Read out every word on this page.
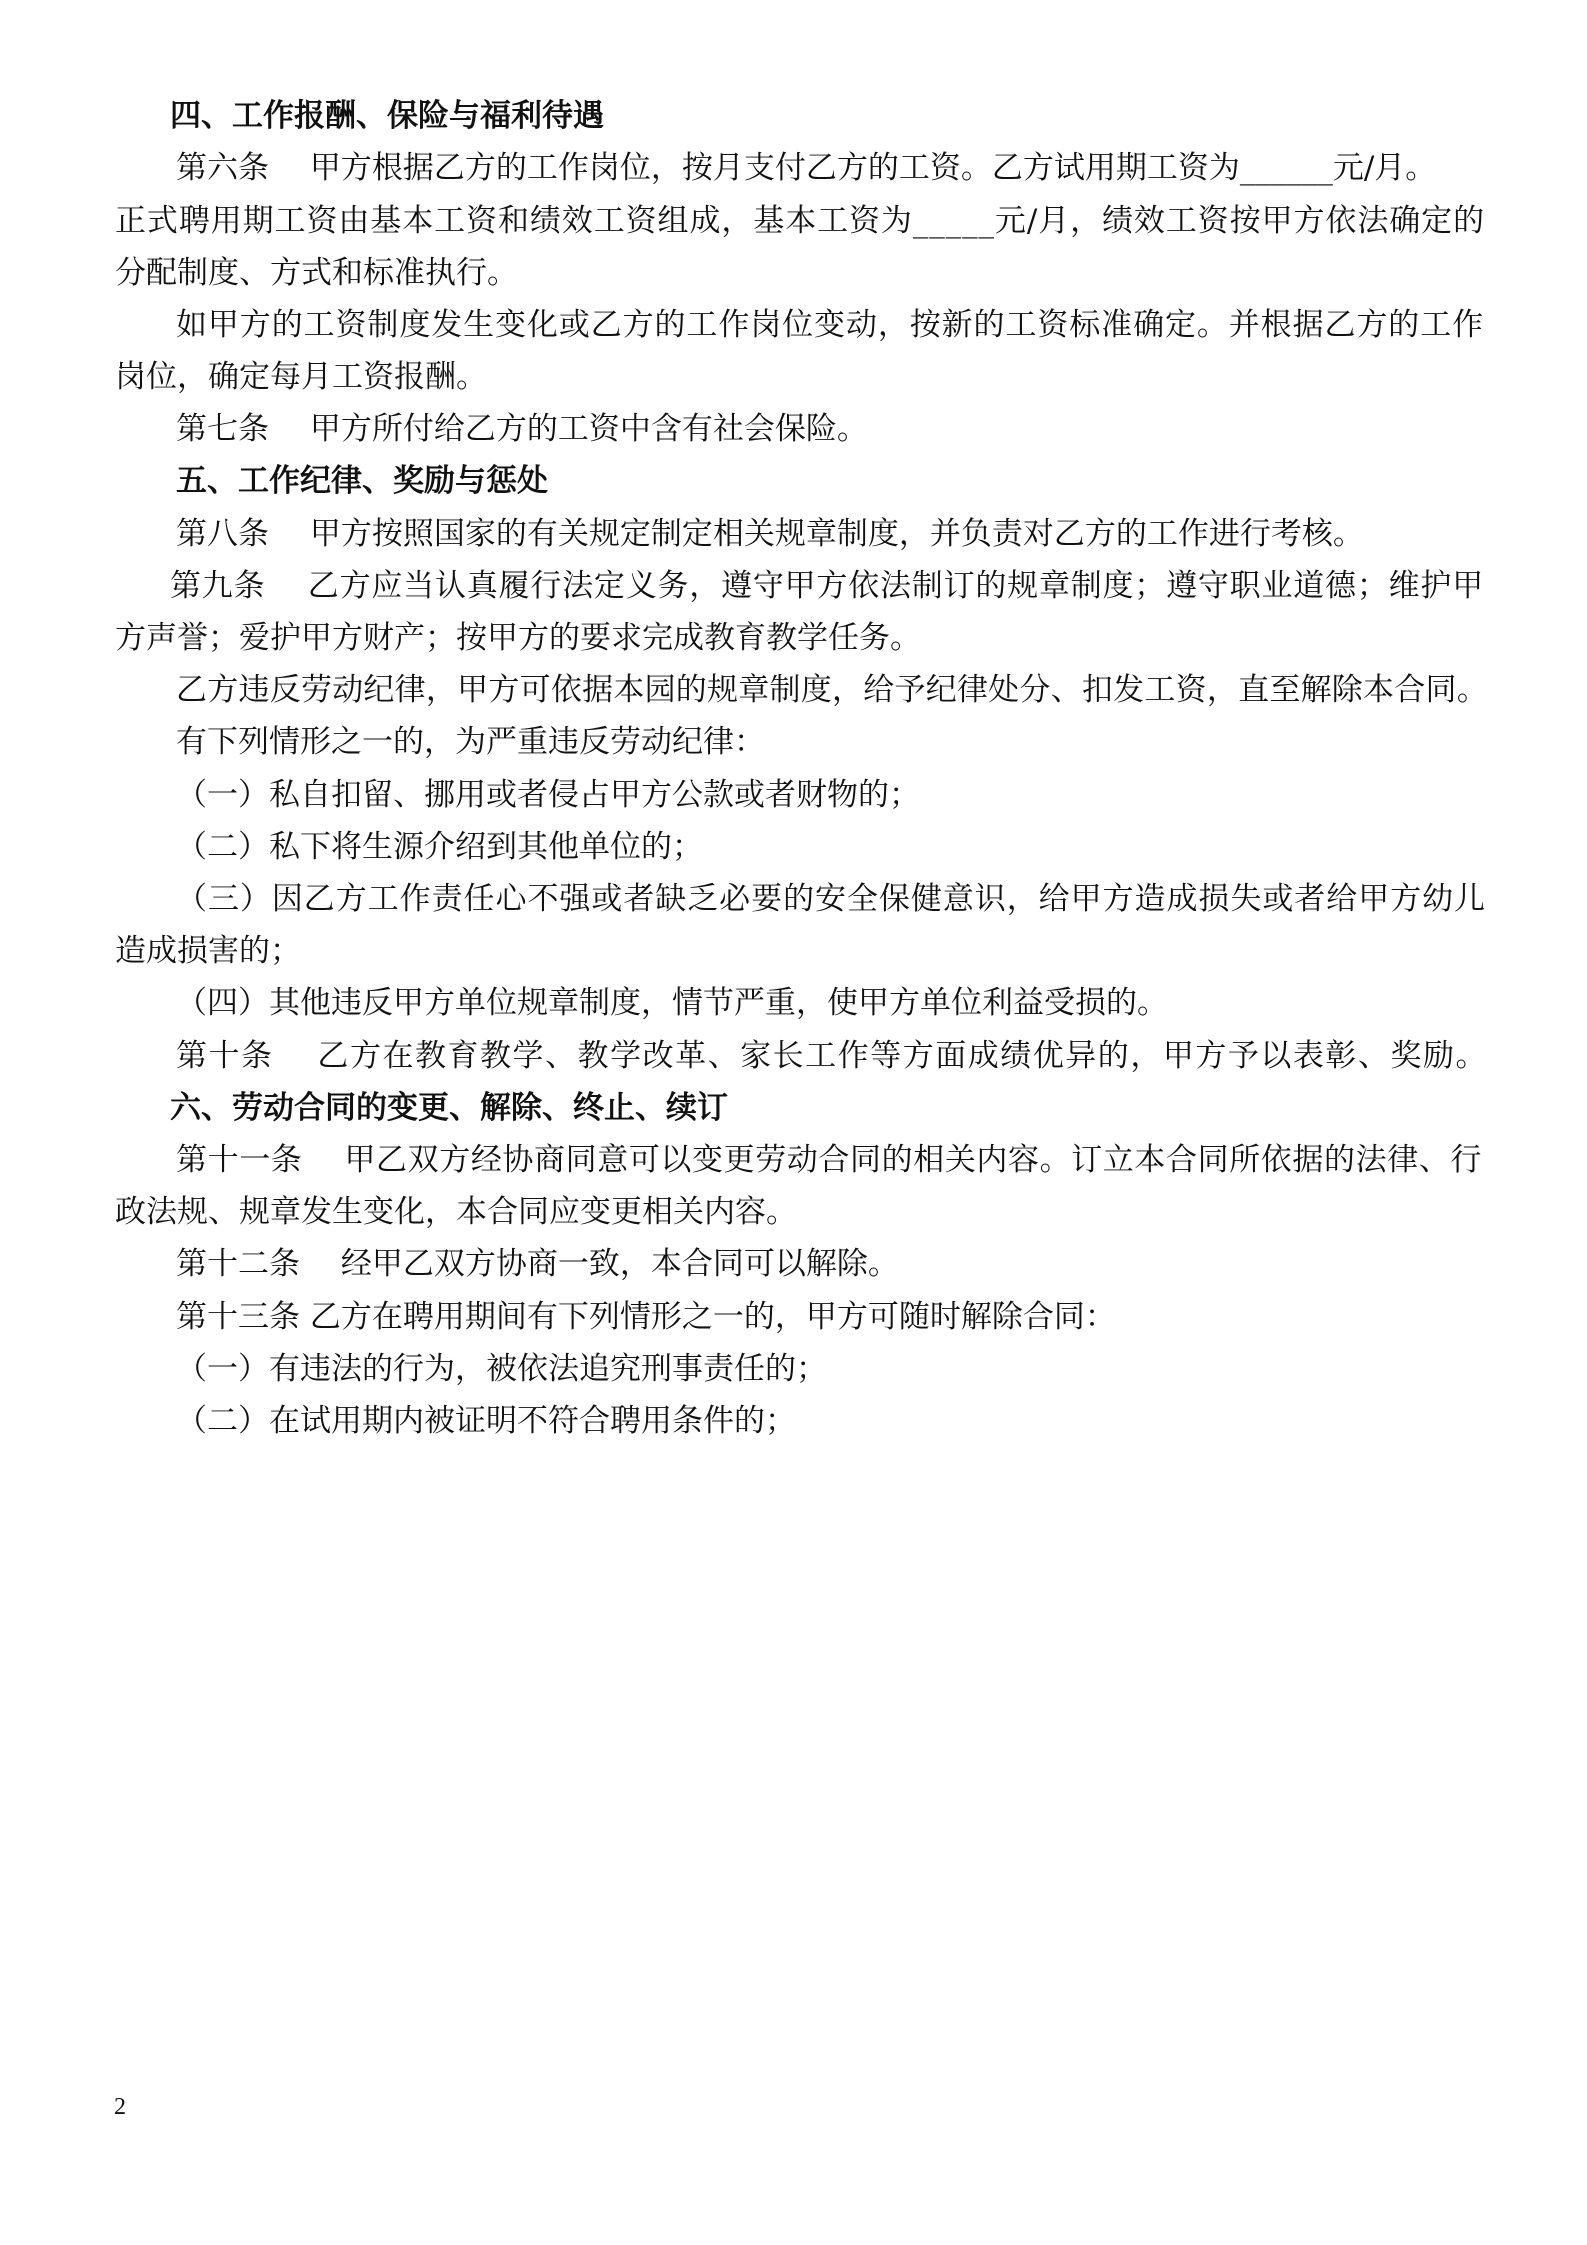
四、工作报酬、保险与福利待遇
第六条　 甲方根据乙方的工作岗位，按月支付乙方的工资。乙方试用期工资为______元/月。
正式聘用期工资由基本工资和绩效工资组成，基本工资为_____元/月，绩效工资按甲方依法确定的
分配制度、方式和标准执行。
如甲方的工资制度发生变化或乙方的工作岗位变动，按新的工资标准确定。并根据乙方的工作
岗位，确定每月工资报酬。
第七条　 甲方所付给乙方的工资中含有社会保险。
五、工作纪律、奖励与惩处
第八条　 甲方按照国家的有关规定制定相关规章制度，并负责对乙方的工作进行考核。
第九条　 乙方应当认真履行法定义务，遵守甲方依法制订的规章制度；遵守职业道德；维护甲
方声誉；爱护甲方财产；按甲方的要求完成教育教学任务。
乙方违反劳动纪律，甲方可依据本园的规章制度，给予纪律处分、扣发工资，直至解除本合同。
有下列情形之一的，为严重违反劳动纪律：
（一）私自扣留、挪用或者侵占甲方公款或者财物的；
（二）私下将生源介绍到其他单位的；
（三）因乙方工作责任心不强或者缺乏必要的安全保健意识，给甲方造成损失或者给甲方幼儿
造成损害的；
（四）其他违反甲方单位规章制度，情节严重，使甲方单位利益受损的。
第十条　 乙方在教育教学、教学改革、家长工作等方面成绩优异的，甲方予以表彰、奖励。
六、劳动合同的变更、解除、终止、续订
第十一条　 甲乙双方经协商同意可以变更劳动合同的相关内容。订立本合同所依据的法律、行
政法规、规章发生变化，本合同应变更相关内容。
第十二条　 经甲乙双方协商一致，本合同可以解除。
第十三条 乙方在聘用期间有下列情形之一的，甲方可随时解除合同：
（一）有违法的行为，被依法追究刑事责任的；
（二）在试用期内被证明不符合聘用条件的；
2
